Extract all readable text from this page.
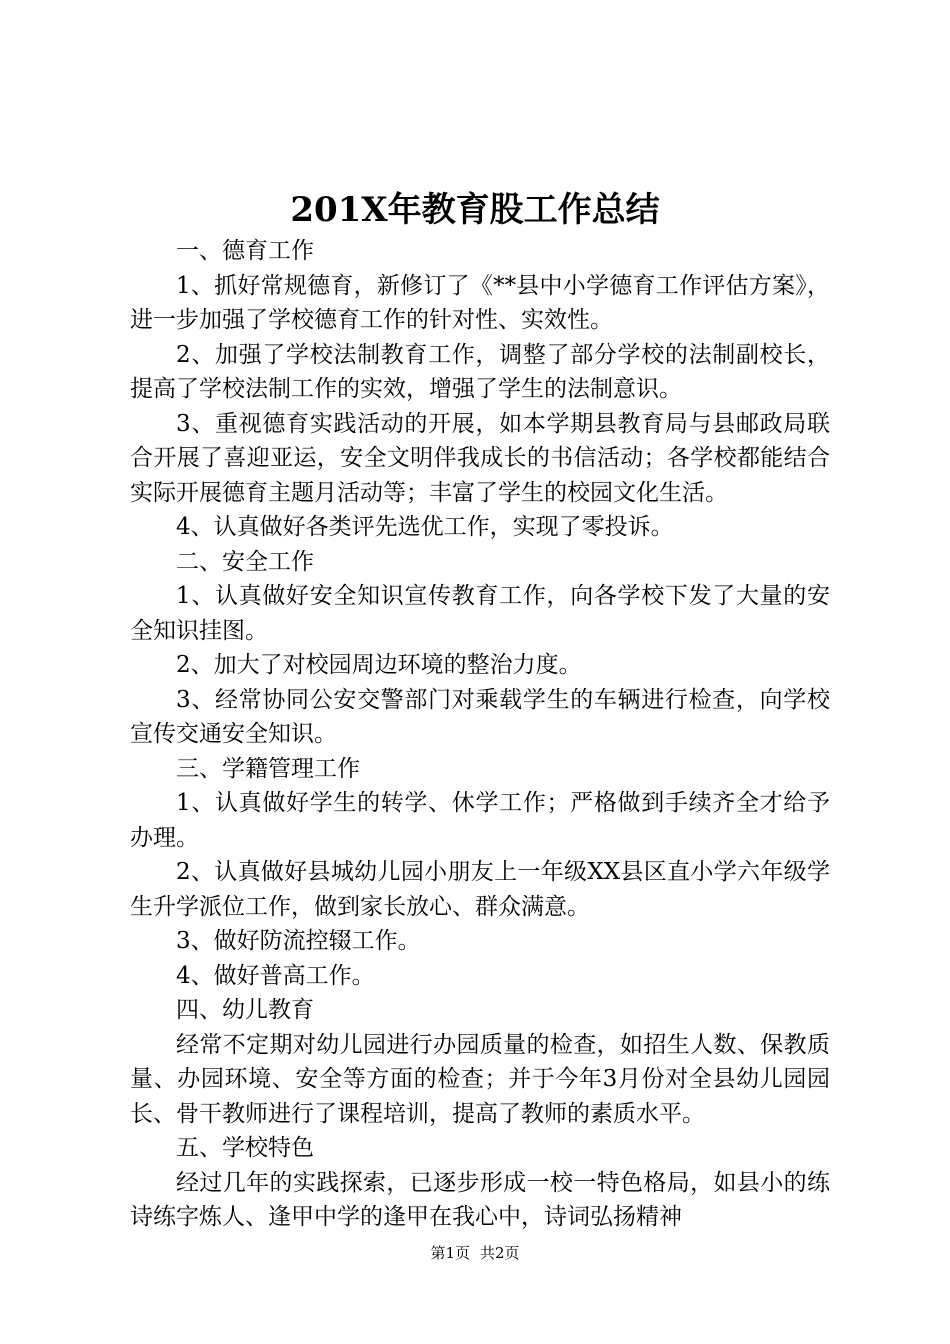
201X年教育股工作总结

一、德育工作

1、抓好常规德育，新修订了《**县中小学德育工作评估方案》，进一步加强了学校德育工作的针对性、实效性。

2、加强了学校法制教育工作，调整了部分学校的法制副校长，提高了学校法制工作的实效，增强了学生的法制意识。

3、重视德育实践活动的开展，如本学期县教育局与县邮政局联合开展了喜迎亚运，安全文明伴我成长的书信活动；各学校都能结合实际开展德育主题月活动等；丰富了学生的校园文化生活。

4、认真做好各类评先选优工作，实现了零投诉。

二、安全工作

1、认真做好安全知识宣传教育工作，向各学校下发了大量的安全知识挂图。

2、加大了对校园周边环境的整治力度。

3、经常协同公安交警部门对乘载学生的车辆进行检查，向学校宣传交通安全知识。

三、学籍管理工作

1、认真做好学生的转学、休学工作；严格做到手续齐全才给予办理。

2、认真做好县城幼儿园小朋友上一年级XX县区直小学六年级学生升学派位工作，做到家长放心、群众满意。

3、做好防流控辍工作。

4、做好普高工作。

四、幼儿教育

经常不定期对幼儿园进行办园质量的检查，如招生人数、保教质量、办园环境、安全等方面的检查；并于今年3月份对全县幼儿园园长、骨干教师进行了课程培训，提高了教师的素质水平。

五、学校特色

经过几年的实践探索，已逐步形成一校一特色格局，如县小的练诗练字炼人、逢甲中学的逢甲在我心中，诗词弘扬精神

第1页 共2页
